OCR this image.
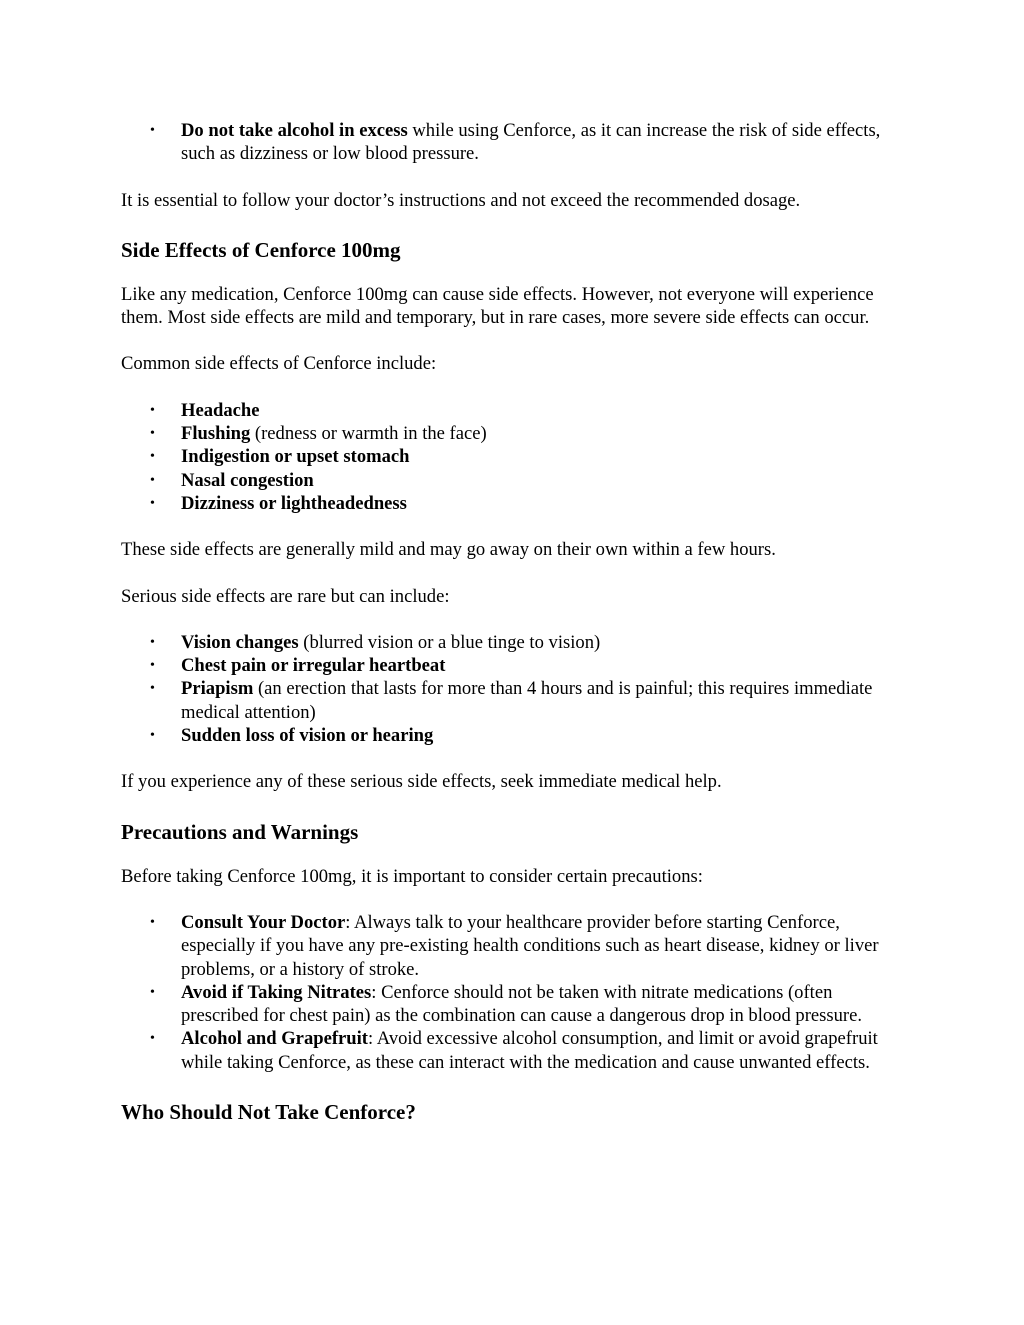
• Do not take alcohol in excess while using Cenforce, as it can increase the risk of side effects, such as dizziness or low blood pressure.

It is essential to follow your doctor’s instructions and not exceed the recommended dosage.

Side Effects of Cenforce 100mg

Like any medication, Cenforce 100mg can cause side effects. However, not everyone will experience them. Most side effects are mild and temporary, but in rare cases, more severe side effects can occur.

Common side effects of Cenforce include:

• Headache
• Flushing (redness or warmth in the face)
• Indigestion or upset stomach
• Nasal congestion
• Dizziness or lightheadedness

These side effects are generally mild and may go away on their own within a few hours.

Serious side effects are rare but can include:

• Vision changes (blurred vision or a blue tinge to vision)
• Chest pain or irregular heartbeat
• Priapism (an erection that lasts for more than 4 hours and is painful; this requires immediate medical attention)
• Sudden loss of vision or hearing

If you experience any of these serious side effects, seek immediate medical help.

Precautions and Warnings

Before taking Cenforce 100mg, it is important to consider certain precautions:

• Consult Your Doctor: Always talk to your healthcare provider before starting Cenforce, especially if you have any pre-existing health conditions such as heart disease, kidney or liver problems, or a history of stroke.
• Avoid if Taking Nitrates: Cenforce should not be taken with nitrate medications (often prescribed for chest pain) as the combination can cause a dangerous drop in blood pressure.
• Alcohol and Grapefruit: Avoid excessive alcohol consumption, and limit or avoid grapefruit while taking Cenforce, as these can interact with the medication and cause unwanted effects.
Who Should Not Take Cenforce?
